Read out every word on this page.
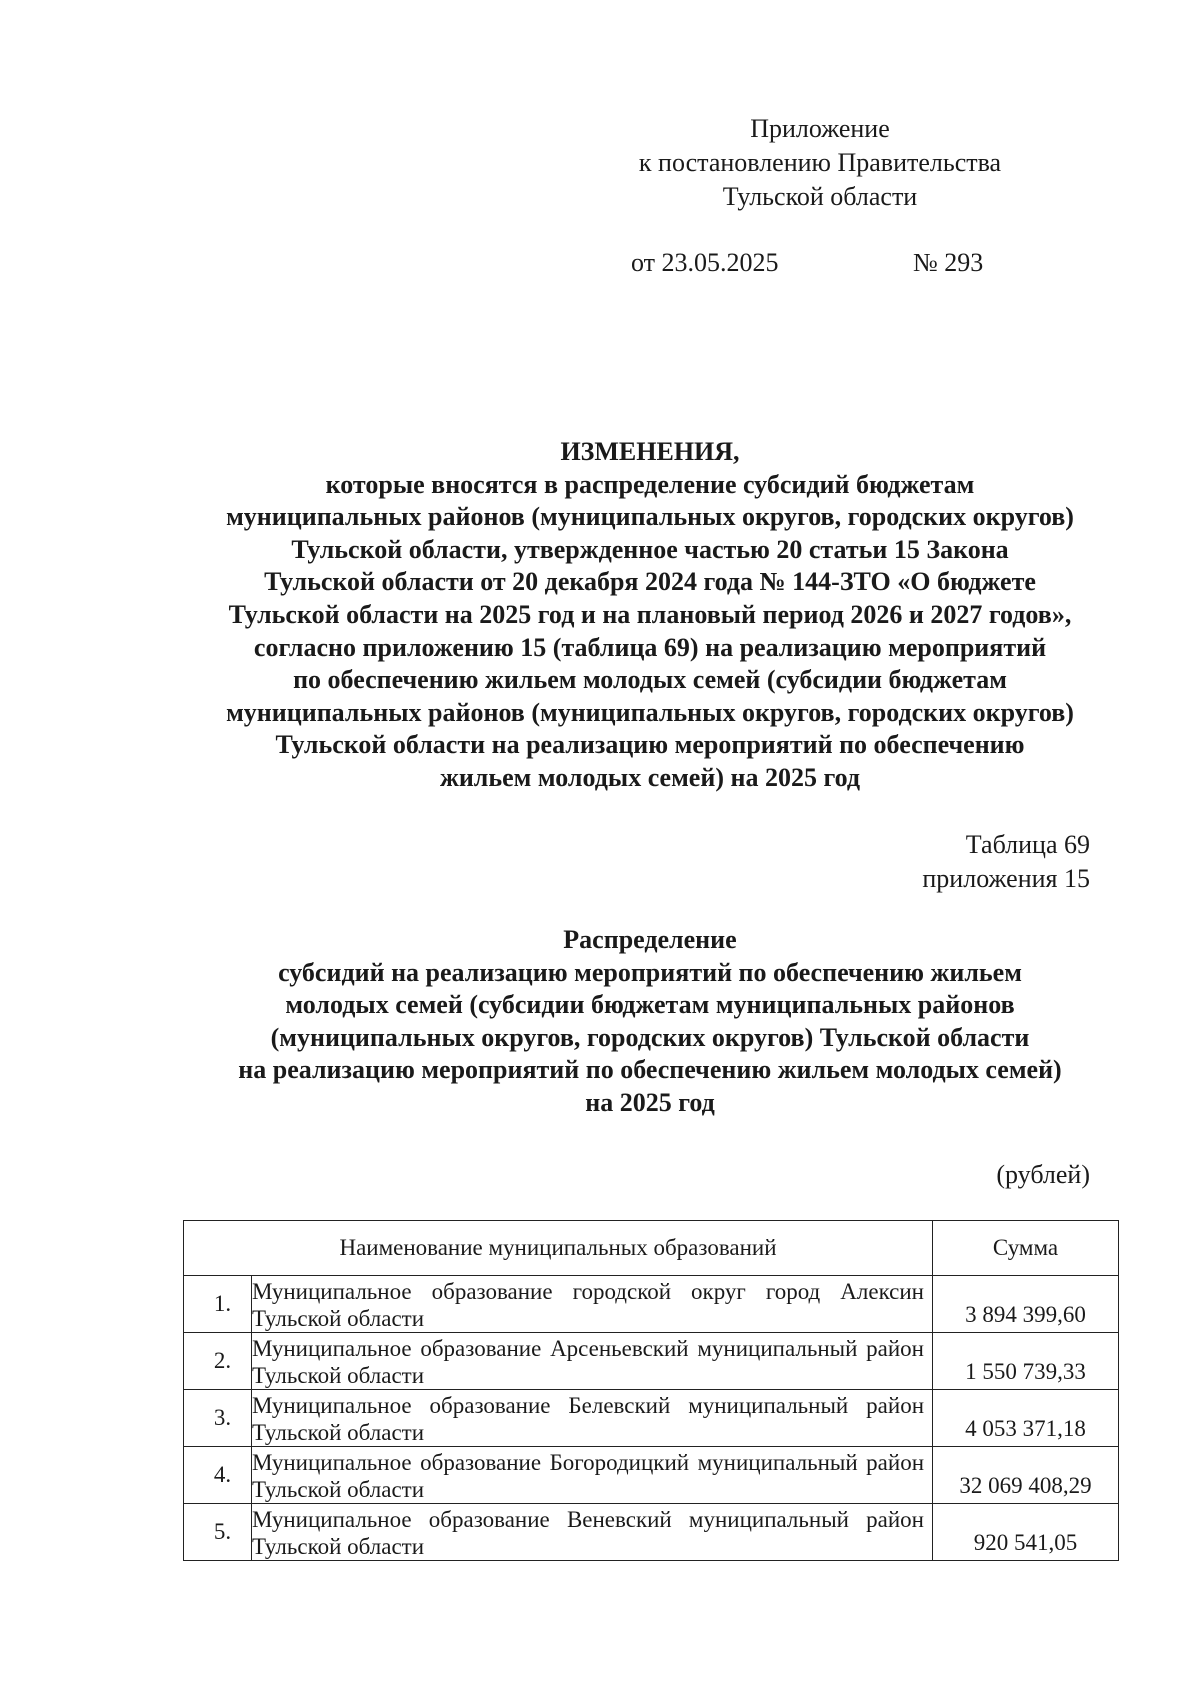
Приложение
к постановлению Правительства
Тульской области
от 23.05.2025	№ 293
ИЗМЕНЕНИЯ,
которые вносятся в распределение субсидий бюджетам
муниципальных районов (муниципальных округов, городских округов)
Тульской области, утвержденное частью 20 статьи 15 Закона
Тульской области от 20 декабря 2024 года № 144-ЗТО «О бюджете
Тульской области на 2025 год и на плановый период 2026 и 2027 годов»,
согласно приложению 15 (таблица 69) на реализацию мероприятий
по обеспечению жильем молодых семей (субсидии бюджетам
муниципальных районов (муниципальных округов, городских округов)
Тульской области на реализацию мероприятий по обеспечению
жильем молодых семей) на 2025 год
Таблица 69
приложения 15
Распределение
субсидий на реализацию мероприятий по обеспечению жильем
молодых семей (субсидии бюджетам муниципальных районов
(муниципальных округов, городских округов) Тульской области
на реализацию мероприятий по обеспечению жильем молодых семей)
на 2025 год
(рублей)
Наименование муниципальных образований		Сумма
1.	Муниципальное образование городской округ город Алексин Тульской области	3 894 399,60
2.	Муниципальное образование Арсеньевский муниципальный район Тульской области	1 550 739,33
3.	Муниципальное образование Белевский муниципальный район Тульской области	4 053 371,18
4.	Муниципальное образование Богородицкий муниципальный район Тульской области	32 069 408,29
5.	Муниципальное образование Веневский муниципальный район Тульской области	920 541,05
